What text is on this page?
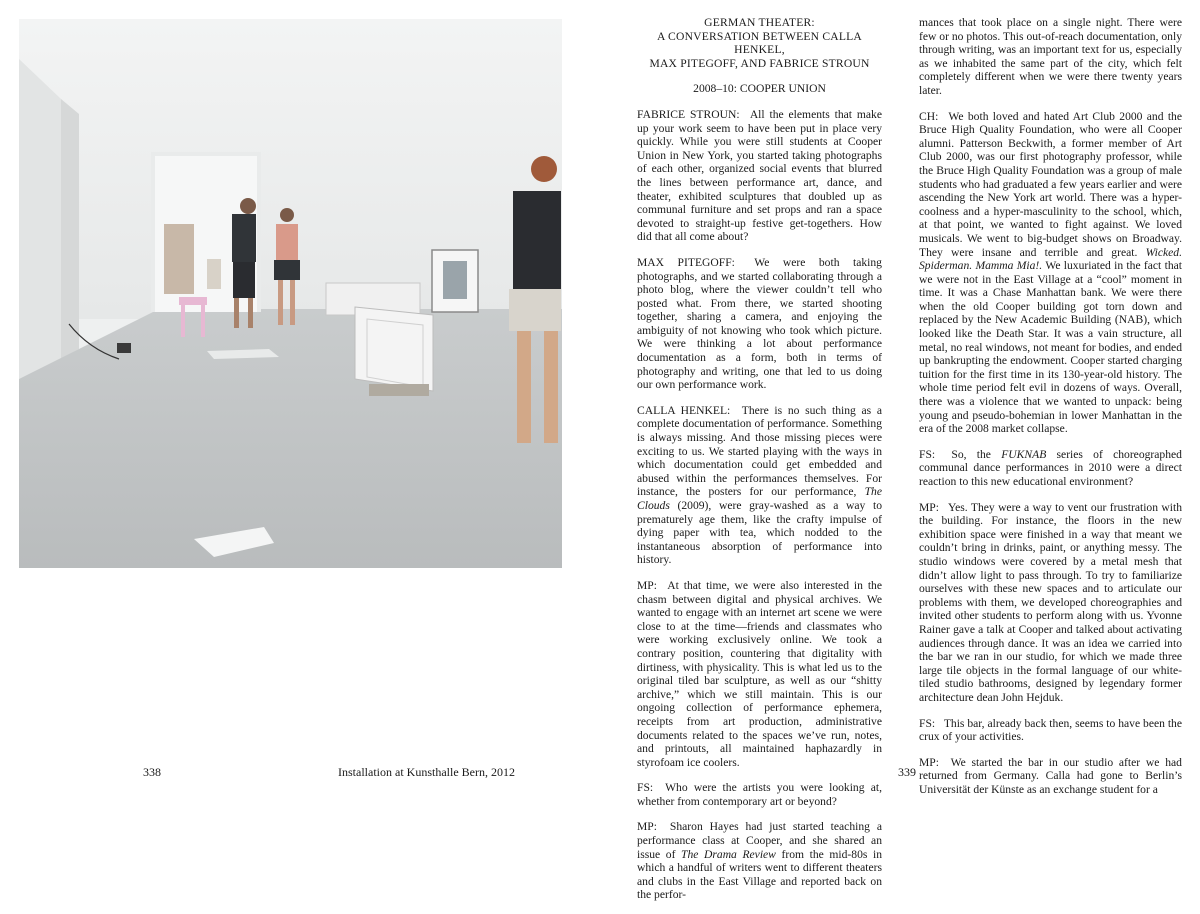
338	Installation at Kunsthalle Bern, 2012	339
GERMAN THEATER:
A CONVERSATION BETWEEN CALLA HENKEL,
MAX PITEGOFF, AND FABRICE STROUN
2008–10: COOPER UNION

FABRICE STROUN: All the elements that make up your work seem to have been put in place very quickly. While you were still students at Cooper Union in New York, you started taking photographs of each other, organized social events that blurred the lines between performance art, dance, and theater, exhibited sculptures that doubled up as communal furniture and set props and ran a space devoted to straight-up festive get-togethers. How did that all come about?

MAX PITEGOFF: We were both taking photographs, and we started collaborating through a photo blog, where the viewer couldn’t tell who posted what. From there, we started shooting together, sharing a camera, and enjoying the ambiguity of not knowing who took which picture. We were thinking a lot about performance documentation as a form, both in terms of photography and writing, one that led to us doing our own performance work.

CALLA HENKEL: There is no such thing as a complete documentation of performance. Something is always missing. And those missing pieces were exciting to us. We started playing with the ways in which documentation could get embedded and abused within the performances themselves. For instance, the posters for our performance, The Clouds (2009), were gray-washed as a way to prematurely age them, like the crafty impulse of dying paper with tea, which nodded to the instantaneous absorption of performance into history.

MP: At that time, we were also interested in the chasm between digital and physical archives. We wanted to engage with an internet art scene we were close to at the time—friends and classmates who were working exclusively online. We took a contrary position, countering that digitality with dirtiness, with physicality. This is what led us to the original tiled bar sculpture, as well as our “shitty archive,” which we still maintain. This is our ongoing collection of performance ephemera, receipts from art production, administrative documents related to the spaces we’ve run, notes, and printouts, all maintained haphazardly in styrofoam ice coolers.

FS: Who were the artists you were looking at, whether from contemporary art or beyond?

MP: Sharon Hayes had just started teaching a performance class at Cooper, and she shared an issue of The Drama Review from the mid-80s in which a handful of writers went to different theaters and clubs in the East Village and reported back on the perfor-

mances that took place on a single night. There were few or no photos. This out-of-reach documentation, only through writing, was an important text for us, especially as we inhabited the same part of the city, which felt completely different when we were there twenty years later.

CH: We both loved and hated Art Club 2000 and the Bruce High Quality Foundation, who were all Cooper alumni. Patterson Beckwith, a former member of Art Club 2000, was our first photography professor, while the Bruce High Quality Foundation was a group of male students who had graduated a few years earlier and were ascending the New York art world. There was a hyper-coolness and a hyper-masculinity to the school, which, at that point, we wanted to fight against. We loved musicals. We went to big-budget shows on Broadway. They were insane and terrible and great. Wicked. Spiderman. Mamma Mia!. We luxuriated in the fact that we were not in the East Village at a “cool” moment in time. It was a Chase Manhattan bank. We were there when the old Cooper building got torn down and replaced by the New Academic Building (NAB), which looked like the Death Star. It was a vain structure, all metal, no real windows, not meant for bodies, and ended up bankrupting the endowment. Cooper started charging tuition for the first time in its 130-year-old history. The whole time period felt evil in dozens of ways. Overall, there was a violence that we wanted to unpack: being young and pseudo-bohemian in lower Manhattan in the era of the 2008 market collapse.

FS: So, the FUKNAB series of choreographed communal dance performances in 2010 were a direct reaction to this new educational environment?

MP: Yes. They were a way to vent our frustration with the building. For instance, the floors in the new exhibition space were finished in a way that meant we couldn’t bring in drinks, paint, or anything messy. The studio windows were covered by a metal mesh that didn’t allow light to pass through. To try to familiarize ourselves with these new spaces and to articulate our problems with them, we developed choreographies and invited other students to perform along with us. Yvonne Rainer gave a talk at Cooper and talked about activating audiences through dance. It was an idea we carried into the bar we ran in our studio, for which we made three large tile objects in the formal language of our white-tiled studio bathrooms, designed by legendary former architecture dean John Hejduk.

FS: This bar, already back then, seems to have been the crux of your activities.

MP: We started the bar in our studio after we had returned from Germany. Calla had gone to Berlin’s Universität der Künste as an exchange student for a
